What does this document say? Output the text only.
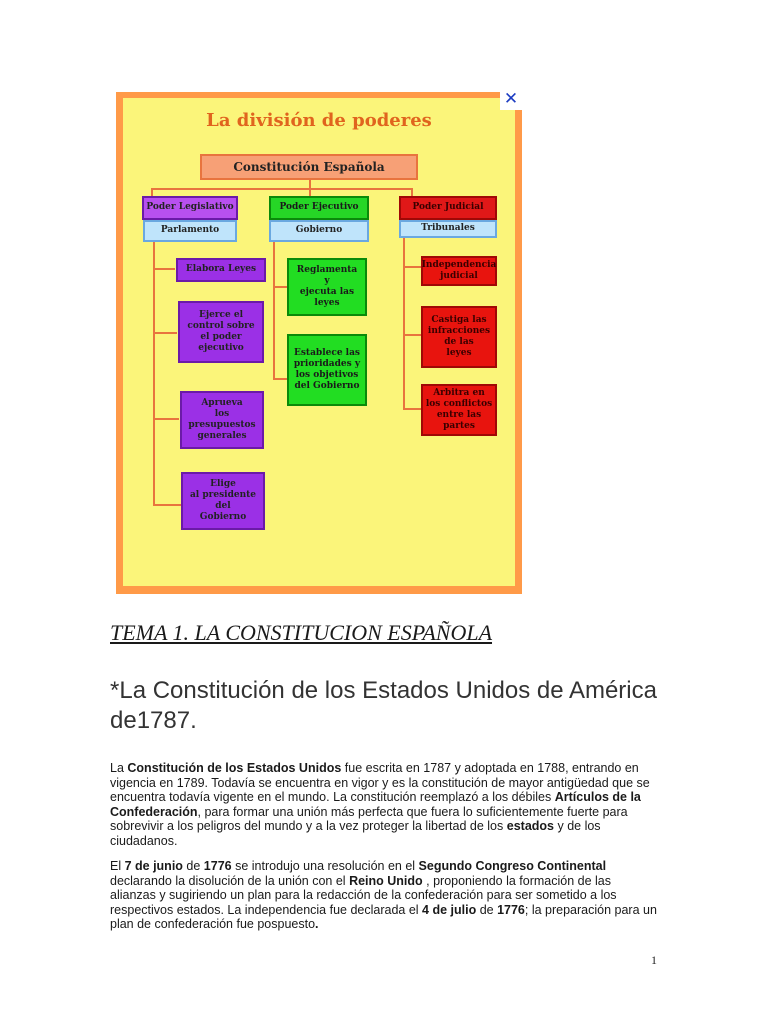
La división de poderes
Constitución Española
Poder Legislativo
Parlamento
Elabora Leyes
Ejerce el
control sobre
el poder
ejecutivo
Aprueva
los
presupuestos
generales
Elige
al presidente
del
Gobierno
Poder Ejecutivo
Gobierno
Reglamenta
y
ejecuta las
leyes
Establece las
prioridades y
los objetivos
del Gobierno
Poder Judicial
Tribunales
Independencia
judicial
Castiga las
infracciones
de las
leyes
Arbitra en
los conflictos
entre las
partes
✕
TEMA 1. LA CONSTITUCION ESPAÑOLA
*La Constitución de los Estados Unidos de América de1787.
La Constitución de los Estados Unidos fue escrita en 1787 y adoptada en 1788, entrando en vigencia en 1789. Todavía se encuentra en vigor y es la constitución de mayor antigüedad que se encuentra todavía vigente en el mundo. La constitución reemplazó a los débiles Artículos de la Confederación, para formar una unión más perfecta que fuera lo suficientemente fuerte para sobrevivir a los peligros del mundo y a la vez proteger la libertad de los estados y de los ciudadanos.
El 7 de junio de 1776 se introdujo una resolución en el Segundo Congreso Continental declarando la disolución de la unión con el Reino Unido , proponiendo la formación de las alianzas y sugiriendo un plan para la redacción de la confederación para ser sometido a los respectivos estados. La independencia fue declarada el 4 de julio de 1776; la preparación para un plan de confederación fue pospuesto.
1
